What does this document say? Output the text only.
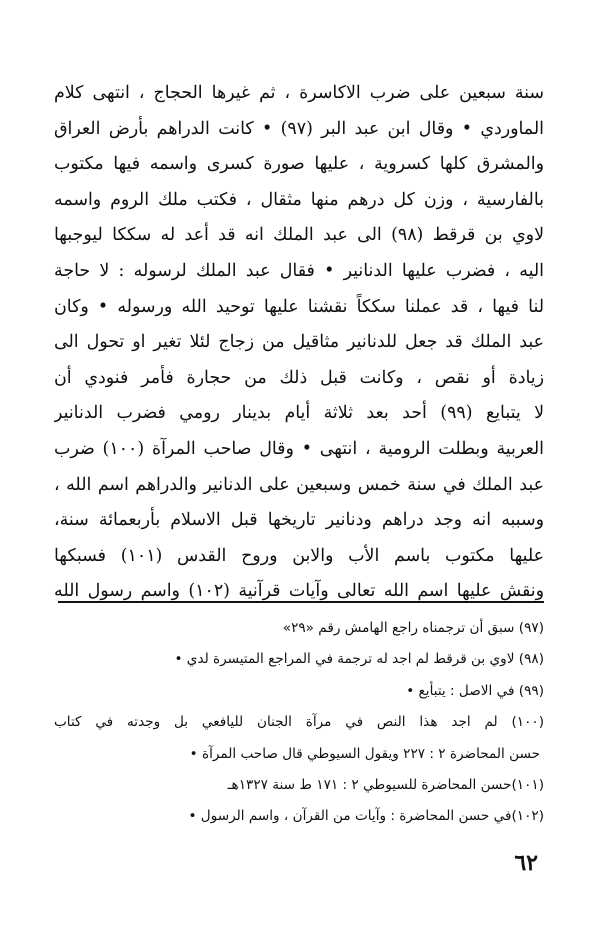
سنة سبعين على ضرب الاكاسرة ، ثم غيرها الحجاج ، انتهى كلام
الماوردي • وقال ابن عبد البر (٩٧) • كانت الدراهم بأرض العراق
والمشرق كلها كسروية ، عليها صورة كسرى واسمه فيها مكتوب
بالفارسية ، وزن كل درهم منها مثقال ، فكتب ملك الروم واسمه
لاوي بن قرقط (٩٨) الى عبد الملك انه قد أعد له سككا ليوجبها
اليه ، فضرب عليها الدنانير • فقال عبد الملك لرسوله : لا حاجة
لنا فيها ، قد عملنا سككاً نقشنا عليها توحيد الله ورسوله • وكان
عبد الملك قد جعل للدنانير مثاقيل من زجاج لئلا تغير او تحول الى
زيادة أو نقص ، وكانت قبل ذلك من حجارة فأمر فنودي أن
لا يتبايع (٩٩) أحد بعد ثلاثة أيام بدينار رومي فضرب الدنانير
العربية وبطلت الرومية ، انتهى • وقال صاحب المرآة (١٠٠) ضرب
عبد الملك في سنة خمس وسبعين على الدنانير والدراهم اسم الله ،
وسببه انه وجد دراهم ودنانير تاريخها قبل الاسلام بأربعمائة سنة،
عليها مكتوب باسم الأب والابن وروح القدس (١٠١) فسبكها
ونقش عليها اسم الله تعالى وآيات قرآنية (١٠٢) واسم رسول الله
(٩٧) سبق أن ترجمناه راجع الهامش رقم «٢٩»
(٩٨) لاوي بن قرقط لم اجد له ترجمة في المراجع المتيسرة لدي •
(٩٩) في الاصل : يتبأيع •
(١٠٠) لم اجد هذا النص في مرآة الجنان لليافعي بل وجدته في كتاب
حسن المحاضرة ٢ : ٢٢٧ ويقول السيوطي قال صاحب المرآة •
(١٠١)حسن المحاضرة للسيوطي ٢ : ١٧١ ط سنة ١٣٢٧هـ
(١٠٢)في حسن المحاضرة : وآيات من القرآن ، واسم الرسول •
٦٢
